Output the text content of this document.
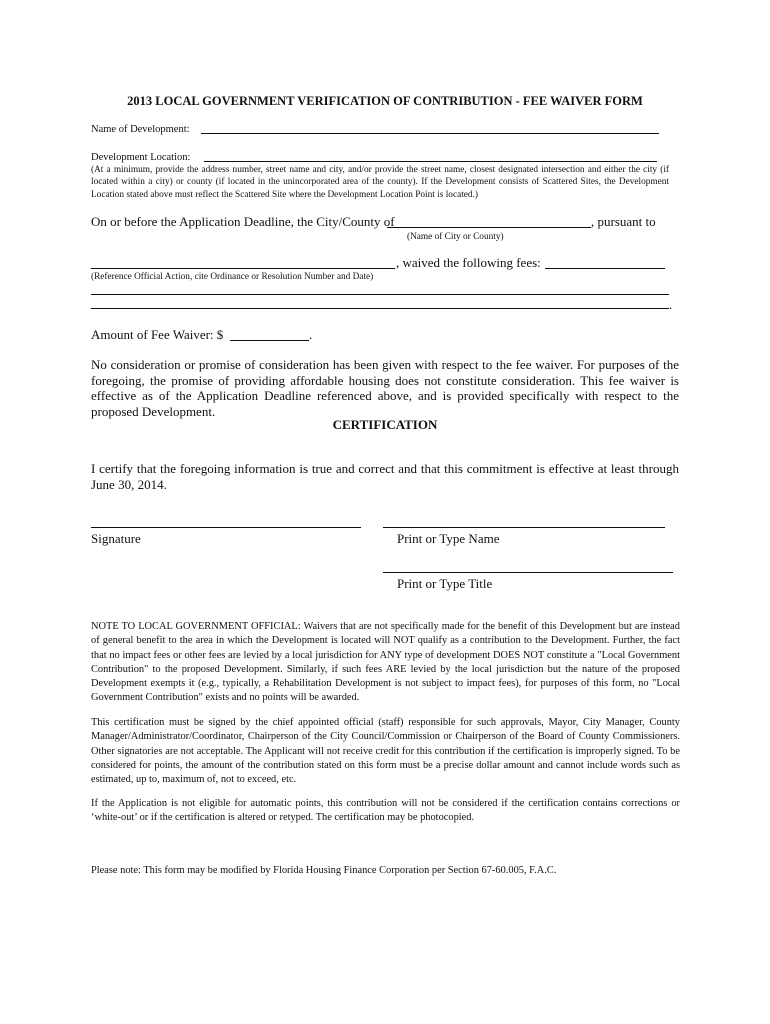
2013 LOCAL GOVERNMENT VERIFICATION OF CONTRIBUTION - FEE WAIVER FORM
Name of Development:
Development Location:
(At a minimum, provide the address number, street name and city, and/or provide the street name, closest designated intersection and either the city (if located within a city) or county (if located in the unincorporated area of the county). If the Development consists of Scattered Sites, the Development Location stated above must reflect the Scattered Site where the Development Location Point is located.)
On or before the Application Deadline, the City/County of	, pursuant to
(Name of City or County)
, waived the following fees:
(Reference Official Action, cite Ordinance or Resolution Number and Date)
.
Amount of Fee Waiver: $	.
No consideration or promise of consideration has been given with respect to the fee waiver. For purposes of the foregoing, the promise of providing affordable housing does not constitute consideration. This fee waiver is effective as of the Application Deadline referenced above, and is provided specifically with respect to the proposed Development.
CERTIFICATION
I certify that the foregoing information is true and correct and that this commitment is effective at least through June 30, 2014.
Signature	Print or Type Name
Print or Type Title
NOTE TO LOCAL GOVERNMENT OFFICIAL: Waivers that are not specifically made for the benefit of this Development but are instead of general benefit to the area in which the Development is located will NOT qualify as a contribution to the Development. Further, the fact that no impact fees or other fees are levied by a local jurisdiction for ANY type of development DOES NOT constitute a "Local Government Contribution" to the proposed Development. Similarly, if such fees ARE levied by the local jurisdiction but the nature of the proposed Development exempts it (e.g., typically, a Rehabilitation Development is not subject to impact fees), for purposes of this form, no "Local Government Contribution" exists and no points will be awarded.
This certification must be signed by the chief appointed official (staff) responsible for such approvals, Mayor, City Manager, County Manager/Administrator/Coordinator, Chairperson of the City Council/Commission or Chairperson of the Board of County Commissioners. Other signatories are not acceptable. The Applicant will not receive credit for this contribution if the certification is improperly signed. To be considered for points, the amount of the contribution stated on this form must be a precise dollar amount and cannot include words such as estimated, up to, maximum of, not to exceed, etc.
If the Application is not eligible for automatic points, this contribution will not be considered if the certification contains corrections or ‘white-out’ or if the certification is altered or retyped. The certification may be photocopied.
Please note: This form may be modified by Florida Housing Finance Corporation per Section 67-60.005, F.A.C.
